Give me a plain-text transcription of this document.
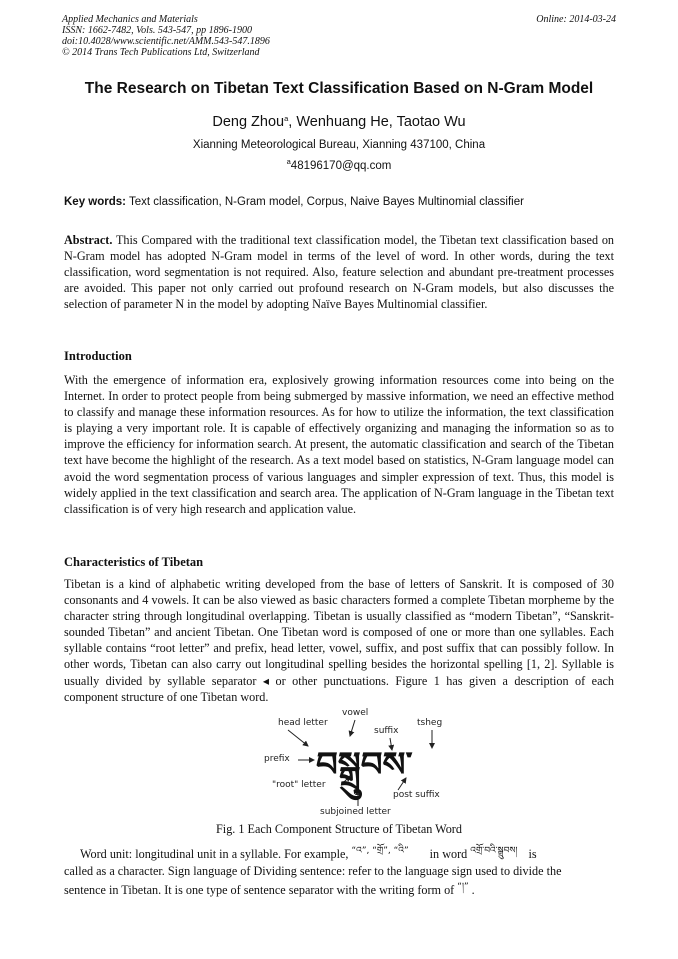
Applied Mechanics and Materials
ISSN: 1662-7482, Vols. 543-547, pp 1896-1900
doi:10.4028/www.scientific.net/AMM.543-547.1896
© 2014 Trans Tech Publications Ltd, Switzerland
Online: 2014-03-24
The Research on Tibetan Text Classification Based on N-Gram Model
Deng Zhou$^a$, Wenhuang He, Taotao Wu
Xianning Meteorological Bureau, Xianning 437100, China
$^a$48196170@qq.com
Key words: Text classification, N-Gram model, Corpus, Naive Bayes Multinomial classifier
Abstract. This Compared with the traditional text classification model, the Tibetan text classification based on N-Gram model has adopted N-Gram model in terms of the level of word. In other words, during the text classification, word segmentation is not required. Also, feature selection and abundant pre-treatment processes are avoided. This paper not only carried out profound research on N-Gram models, but also discusses the selection of parameter N in the model by adopting Naïve Bayes Multinomial classifier.
Introduction
With the emergence of information era, explosively growing information resources come into being on the Internet. In order to protect people from being submerged by massive information, we need an effective method to classify and manage these information resources. As for how to utilize the information, the text classification is playing a very important role. It is capable of effectively organizing and managing the information so as to improve the efficiency for information search. At present, the automatic classification and search of the Tibetan text have become the highlight of the research. As a text model based on statistics, N-Gram language model can avoid the word segmentation process of various languages and simpler expression of text. Thus, this model is widely applied in the text classification and search area. The application of N-Gram language in the Tibetan text classification is of very high research and application value.
Characteristics of Tibetan
Tibetan is a kind of alphabetic writing developed from the base of letters of Sanskrit. It is composed of 30 consonants and 4 vowels. It can be also viewed as basic characters formed a complete Tibetan morpheme by the character string through longitudinal overlapping. Tibetan is usually classified as “modern Tibetan”, “Sanskrit-sounded Tibetan” and ancient Tibetan. One Tibetan word is composed of one or more than one syllables. Each syllable contains “root letter” and prefix, head letter, vowel, suffix, and post suffix that can possibly follow. In other words, Tibetan can also carry out longitudinal spelling besides the horizontal spelling [1, 2]. Syllable is usually divided by syllable separator ◂ or other punctuations. Figure 1 has given a description of each component structure of one Tibetan word.
བསྒྲུབས་
head letter
vowel
suffix
tsheg
prefix
"root" letter
post suffix
subjoined letter
Fig. 1 Each Component Structure of Tibetan Word
Word unit: longitudinal unit in a syllable. For example, $^{“འ”, “གྲོ”, “འི”}$ in word $^{འགྲོ་བའི་སྒྲུབས།}$ is
called as a character. Sign language of Dividing sentence: refer to the language sign used to divide the
sentence in Tibetan. It is one type of sentence separator with the writing form of “།” .
